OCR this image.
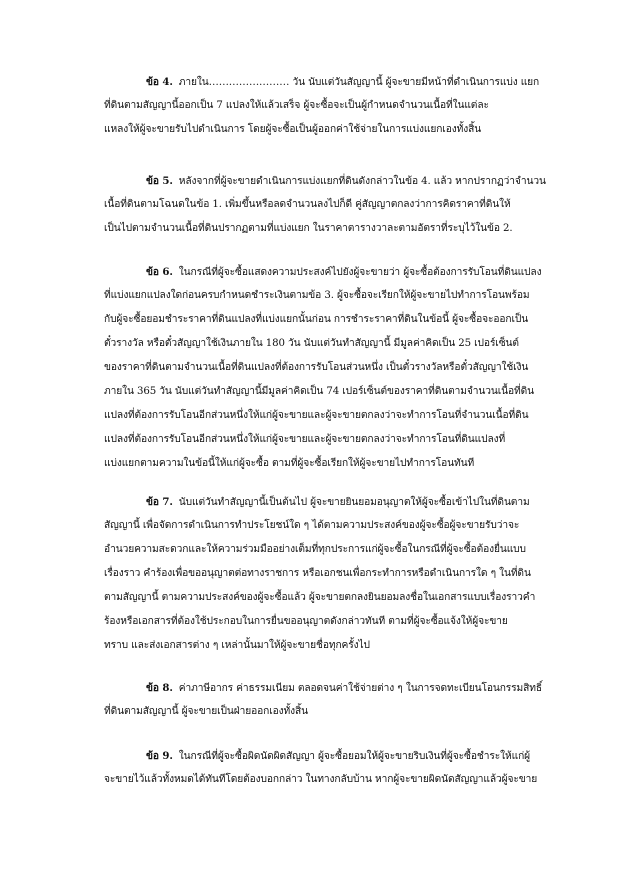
ข้อ 4. ภายใน…………………… วัน นับแต่วันสัญญานี้ ผู้จะขายมีหน้าที่ดำเนินการแบ่ง แยก
ที่ดินตามสัญญานี้ออกเป็น 7 แปลงให้แล้วเสร็จ ผู้จะซื้อจะเป็นผู้กำหนดจำนวนเนื้อที่ในแต่ละ
แหลงให้ผู้จะขายรับไปดำเนินการ โดยผู้จะซื้อเป็นผู้ออกค่าใช้จ่ายในการแบ่งแยกเองทั้งสิ้น
ข้อ 5. หลังจากที่ผู้จะขายดำเนินการแบ่งแยกที่ดินดังกล่าวในข้อ 4. แล้ว หากปรากฏว่าจำนวน
เนื้อที่ดินตามโฉนดในข้อ 1. เพิ่มขึ้นหรือลดจำนวนลงไปก็ดี คู่สัญญาตกลงว่าการคิดราคาที่ดินให้
เป็นไปตามจำนวนเนื้อที่ดินปรากฏตามที่แบ่งแยก ในราคาตารางวาละตามอัตราที่ระบุไว้ในข้อ 2.
ข้อ 6. ในกรณีที่ผู้จะซื้อแสดงความประสงค์ไปยังผู้จะขายว่า ผู้จะซื้อต้องการรับโอนที่ดินแปลง
ที่แบ่งแยกแปลงใดก่อนครบกำหนดชำระเงินตามข้อ 3. ผู้จะซื้อจะเรียกให้ผู้จะขายไปทำการโอนพร้อม
กับผู้จะซื้อยอมชำระราคาที่ดินแปลงที่แบ่งแยกนั้นก่อน การชำระราคาที่ดินในข้อนี้ ผู้จะซื้อจะออกเป็น
ตั๋วรางวัล หรือตั๋วสัญญาใช้เงินภายใน 180 วัน นับแต่วันทำสัญญานี้ มีมูลค่าคิดเป็น 25 เปอร์เซ็นต์
ของราคาที่ดินตามจำนวนเนื้อที่ดินแปลงที่ต้องการรับโอนส่วนหนึ่ง เป็นตั๋วรางวัลหรือตั๋วสัญญาใช้เงิน
ภายใน 365 วัน นับแต่วันทำสัญญานี้มีมูลค่าคิดเป็น 74 เปอร์เซ็นต์ของราคาที่ดินตามจำนวนเนื้อที่ดิน
แปลงที่ต้องการรับโอนอีกส่วนหนึ่งให้แก่ผู้จะขายและผู้จะขายตกลงว่าจะทำการโอนที่จำนวนเนื้อที่ดิน
แปลงที่ต้องการรับโอนอีกส่วนหนึ่งให้แก่ผู้จะขายและผู้จะขายตกลงว่าจะทำการโอนที่ดินแปลงที่
แบ่งแยกตามความในข้อนี้ให้แก่ผู้จะซื้อ ตามที่ผู้จะซื้อเรียกให้ผู้จะขายไปทำการโอนทันที
ข้อ 7. นับแต่วันทำสัญญานี้เป็นต้นไป ผู้จะขายยินยอมอนุญาตให้ผู้จะซื้อเข้าไปในที่ดินตาม
สัญญานี้ เพื่อจัดการดำเนินการทำประโยชน์ใด ๆ ได้ตามความประสงค์ของผู้จะซื้อผู้จะขายรับว่าจะ
อำนวยความสะดวกและให้ความร่วมมืออย่างเต็มที่ทุกประการแก่ผู้จะซื้อในกรณีที่ผู้จะซื้อต้องยื่นแบบ
เรื่องราว คำร้องเพื่อขออนุญาตต่อทางราชการ หรือเอกชนเพื่อกระทำการหรือดำเนินการใด ๆ ในที่ดิน
ตามสัญญานี้ ตามความประสงค์ของผู้จะซื้อแล้ว ผู้จะขายตกลงยินยอมลงชื่อในเอกสารแบบเรื่องราวคำ
ร้องหรือเอกสารที่ต้องใช้ประกอบในการยื่นขออนุญาตดังกล่าวทันที ตามที่ผู้จะซื้อแจ้งให้ผู้จะขาย
ทราบ และส่งเอกสารต่าง ๆ เหล่านั้นมาให้ผู้จะขายชื่อทุกครั้งไป
ข้อ 8. ค่าภาษีอากร ค่าธรรมเนียม ตลอดจนค่าใช้จ่ายต่าง ๆ ในการจดทะเบียนโอนกรรมสิทธิ์
ที่ดินตามสัญญานี้ ผู้จะขายเป็นฝ่ายออกเองทั้งสิ้น
ข้อ 9. ในกรณีที่ผู้จะซื้อผิดนัดผิดสัญญา ผู้จะซื้อยอมให้ผู้จะขายริบเงินที่ผู้จะซื้อชำระให้แก่ผู้
จะขายไว้แล้วทั้งหมดได้ทันทีโดยต้องบอกกล่าว ในทางกลับบ้าน หากผู้จะขายผิดนัดสัญญาแล้วผู้จะขาย
